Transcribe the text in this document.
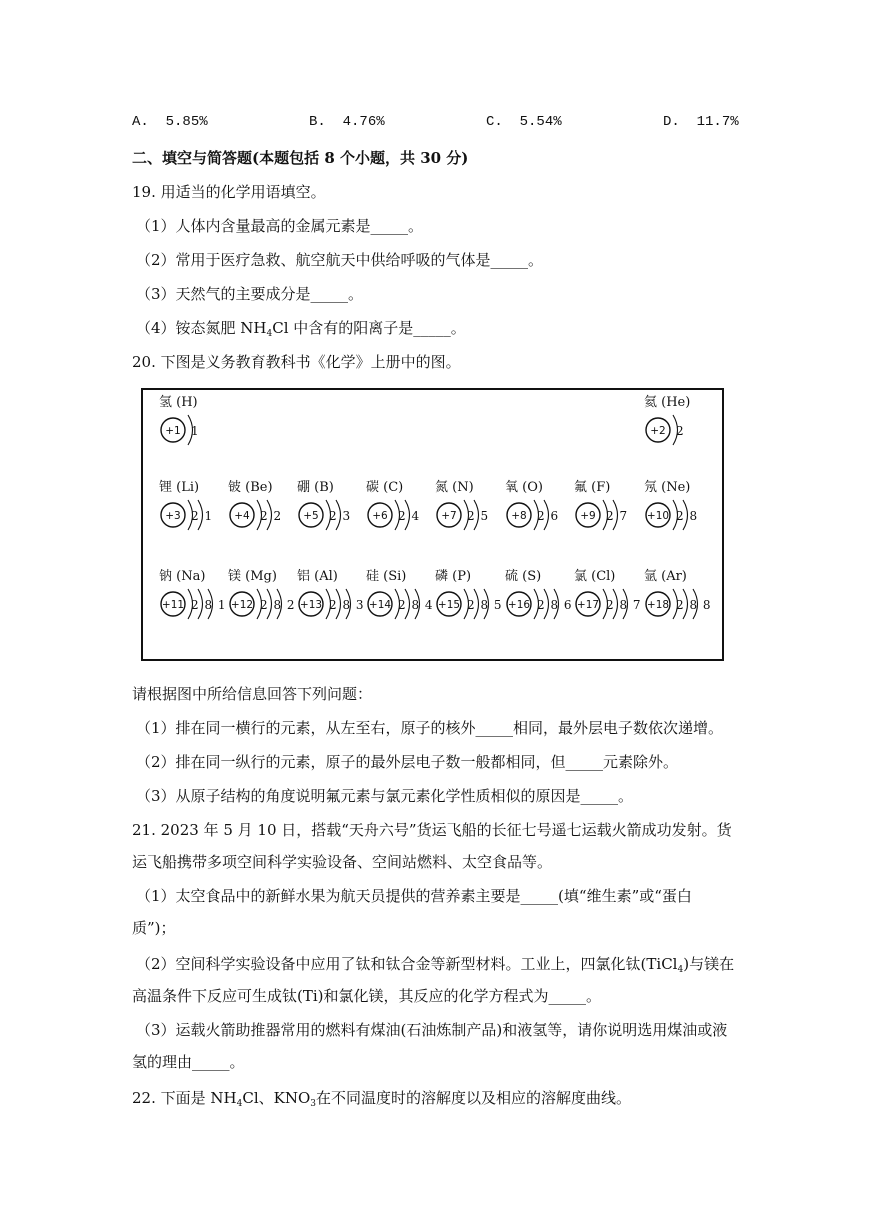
A. 5.85%	B. 4.76%	C. 5.54%	D. 11.7%
二、填空与简答题(本题包括 8 个小题，共 30 分)
19. 用适当的化学用语填空。
（1）人体内含量最高的金属元素是_____。
（2）常用于医疗急救、航空航天中供给呼吸的气体是_____。
（3）天然气的主要成分是_____。
（4）铵态氮肥 $NH_4Cl$ 中含有的阳离子是_____。
20. 下图是义务教育教科书《化学》上册中的图。
氢 (H)
+1 1
氦 (He)
+2 2
锂 (Li)
+3 2 1
铍 (Be)
+4 2 2
硼 (B)
+5 2 3
碳 (C)
+6 2 4
氮 (N)
+7 2 5
氧 (O)
+8 2 6
氟 (F)
+9 2 7
氖 (Ne)
+10 2 8
钠 (Na)
+11 2 8 1
镁 (Mg)
+12 2 8 2
铝 (Al)
+13 2 8 3
硅 (Si)
+14 2 8 4
磷 (P)
+15 2 8 5
硫 (S)
+16 2 8 6
氯 (Cl)
+17 2 8 7
氩 (Ar)
+18 2 8 8
请根据图中所给信息回答下列问题：
（1）排在同一横行的元素，从左至右，原子的核外_____相同，最外层电子数依次递增。
（2）排在同一纵行的元素，原子的最外层电子数一般都相同，但_____元素除外。
（3）从原子结构的角度说明氟元素与氯元素化学性质相似的原因是_____。
21. 2023 年 5 月 10 日，搭载“天舟六号”货运飞船的长征七号遥七运载火箭成功发射。货
运飞船携带多项空间科学实验设备、空间站燃料、太空食品等。
（1）太空食品中的新鲜水果为航天员提供的营养素主要是_____(填“维生素”或“蛋白
质”)；
（2）空间科学实验设备中应用了钛和钛合金等新型材料。工业上，四氯化钛(TiCl$_4$)与镁在
高温条件下反应可生成钛(Ti)和氯化镁，其反应的化学方程式为_____。
（3）运载火箭助推器常用的燃料有煤油(石油炼制产品)和液氢等，请你说明选用煤油或液
氢的理由_____。
22. 下面是 $NH_4Cl$、$KNO_3$在不同温度时的溶解度以及相应的溶解度曲线。
